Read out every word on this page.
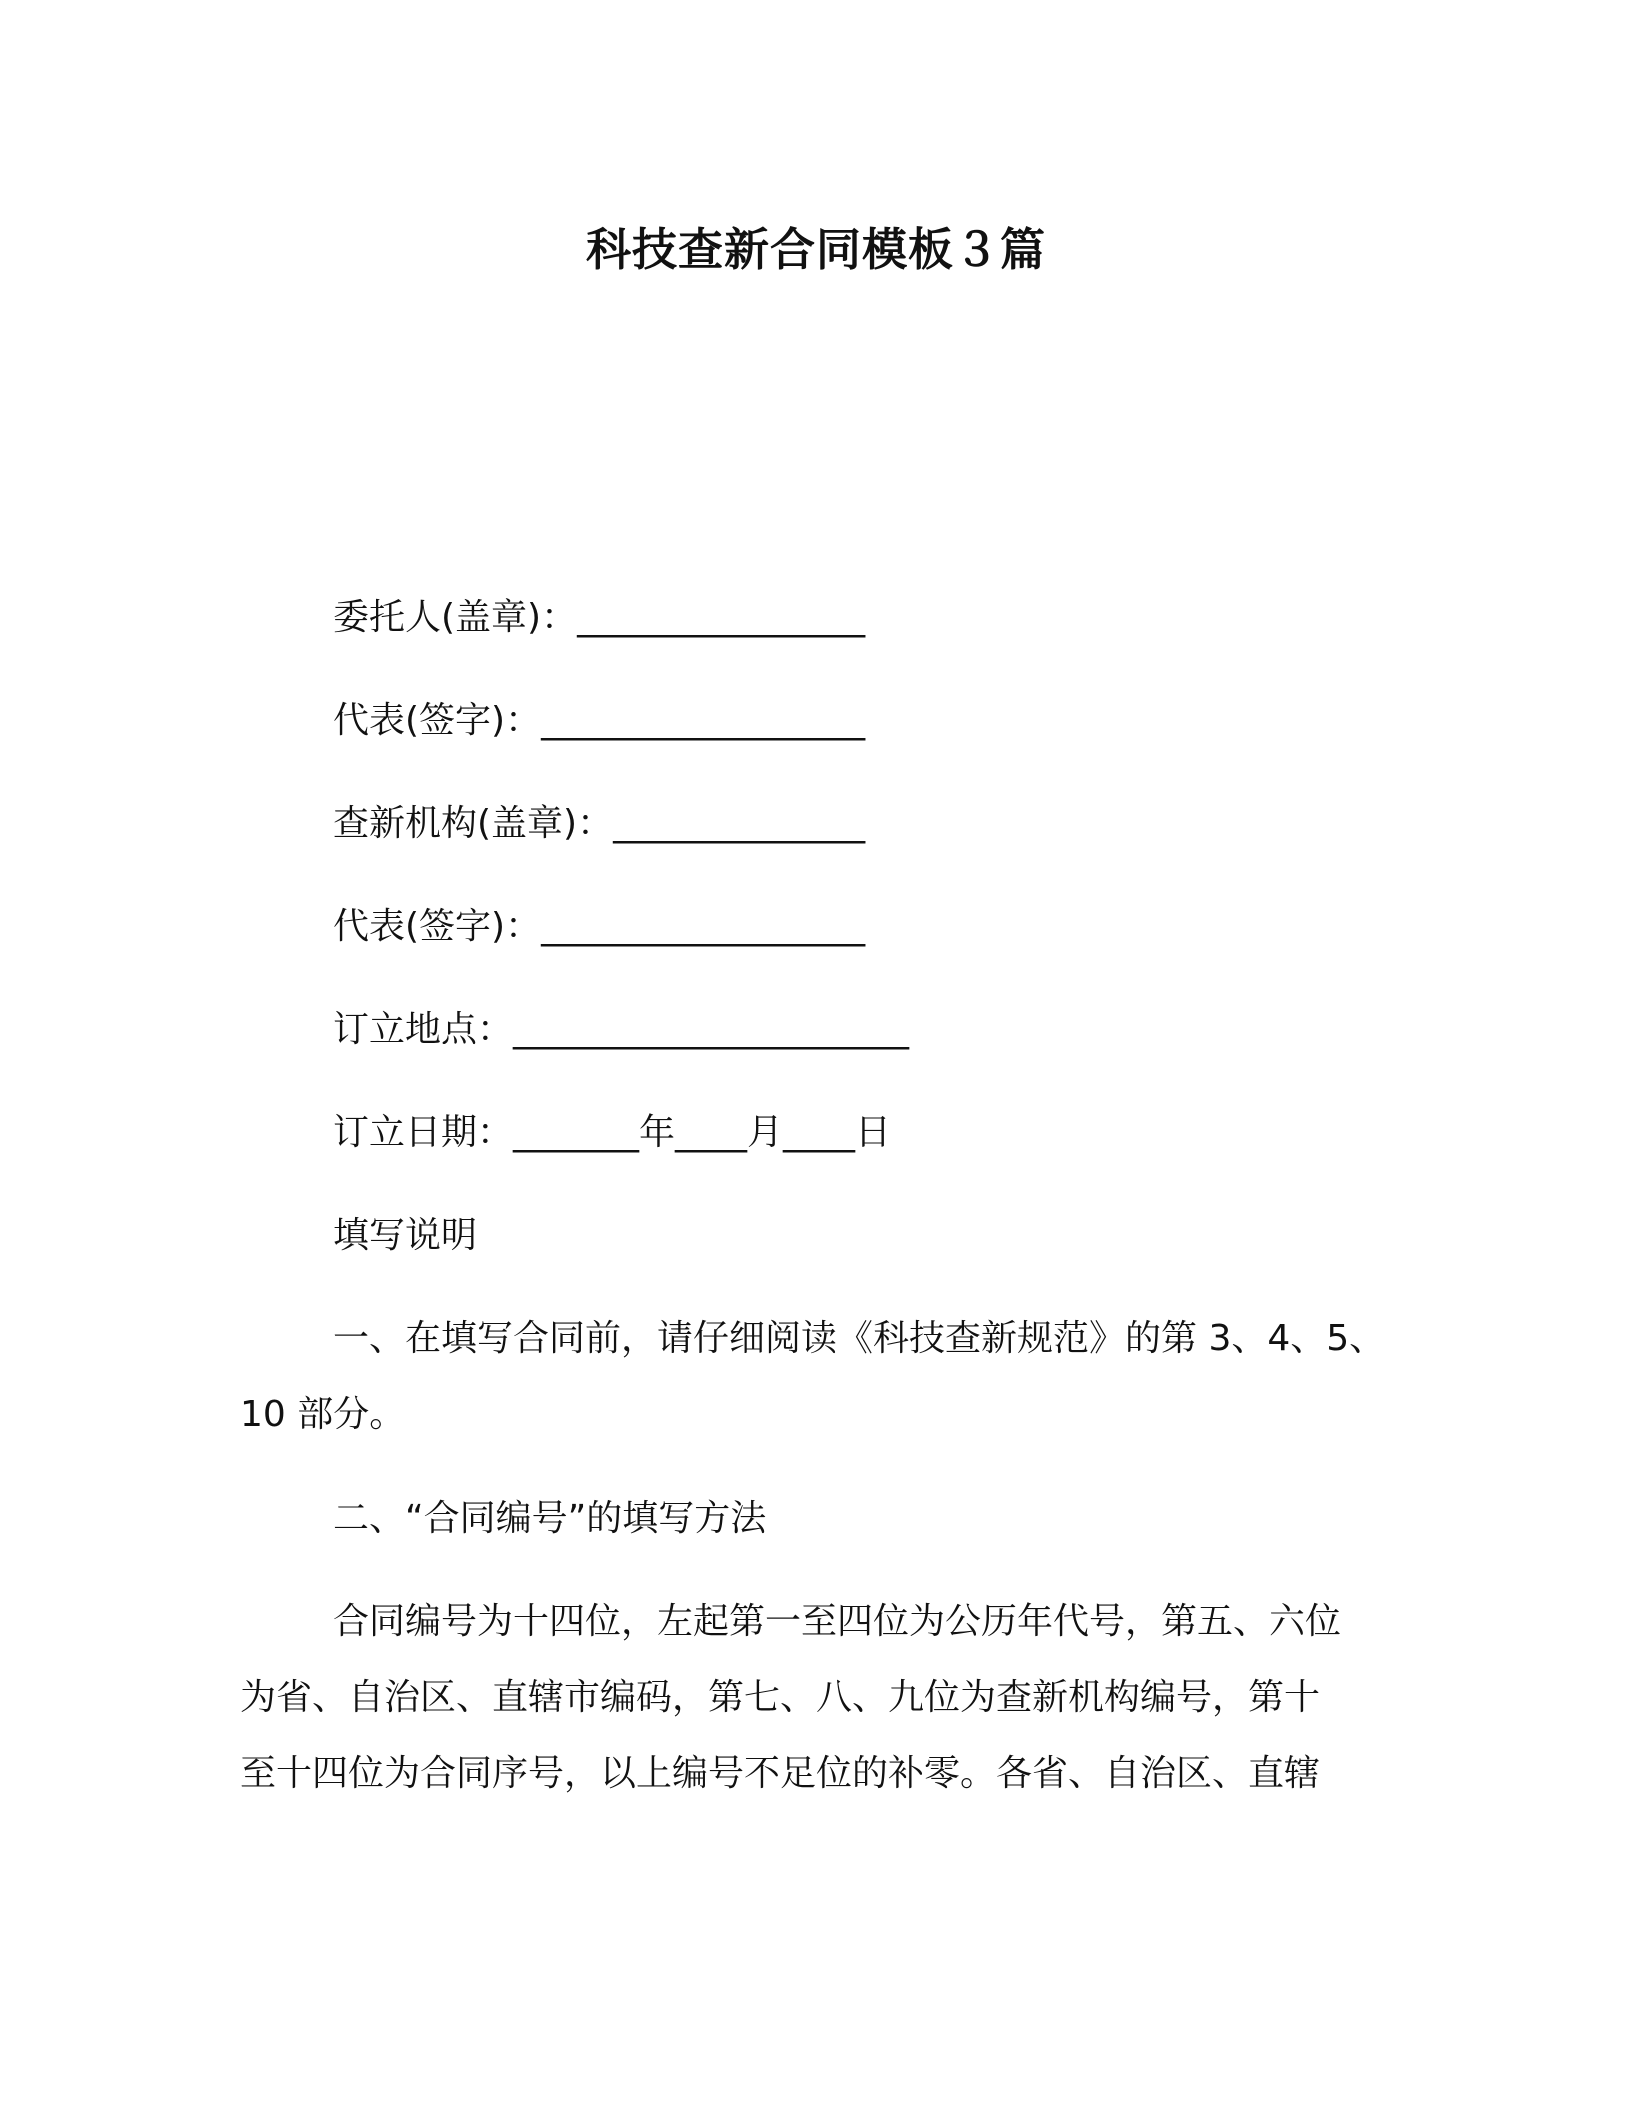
科技查新合同模板３篇
委托人(盖章)：________________
代表(签字)：__________________
查新机构(盖章)：______________
代表(签字)：__________________
订立地点：______________________
订立日期：_______年____月____日
填写说明
一、在填写合同前，请仔细阅读《科技查新规范》的第 3、4、5、
10 部分。
二、“合同编号”的填写方法
合同编号为十四位，左起第一至四位为公历年代号，第五、六位
为省、自治区、直辖市编码，第七、八、九位为查新机构编号，第十
至十四位为合同序号，以上编号不足位的补零。各省、自治区、直辖
